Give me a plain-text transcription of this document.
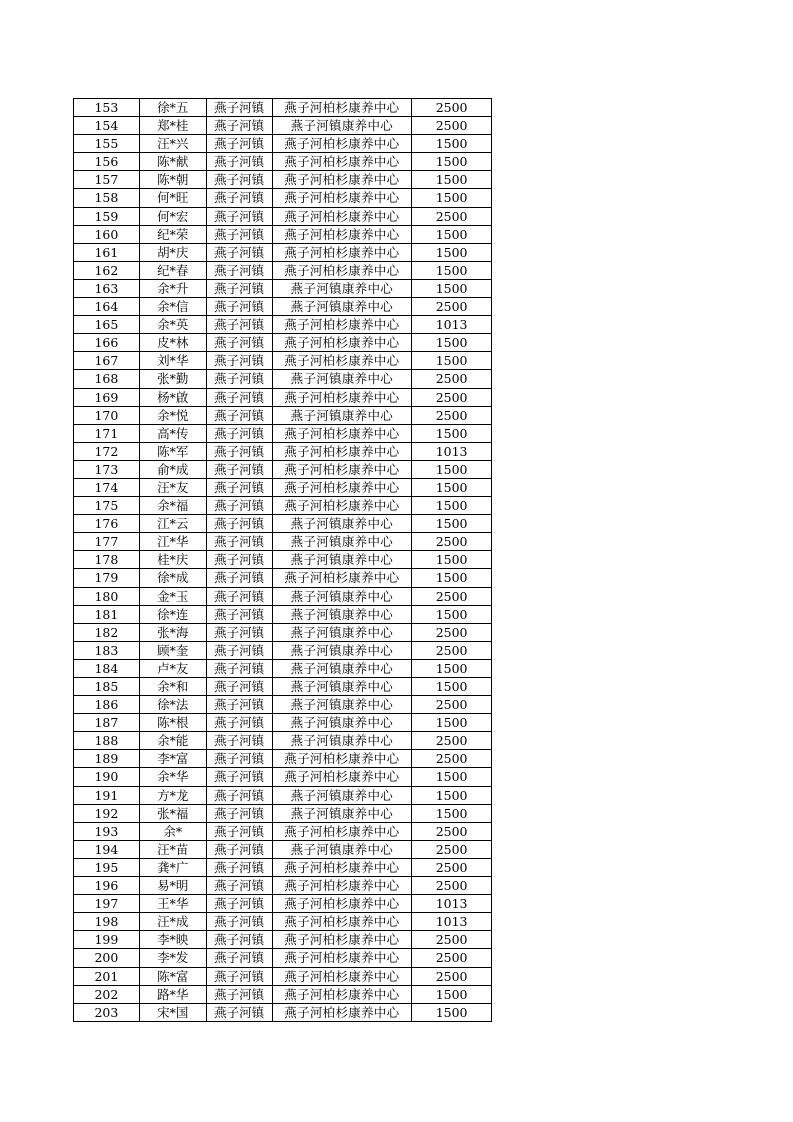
153	徐*五	燕子河镇	燕子河柏杉康养中心	2500
154	郑*桂	燕子河镇	燕子河镇康养中心	2500
155	汪*兴	燕子河镇	燕子河柏杉康养中心	1500
156	陈*献	燕子河镇	燕子河柏杉康养中心	1500
157	陈*朝	燕子河镇	燕子河柏杉康养中心	1500
158	何*旺	燕子河镇	燕子河柏杉康养中心	1500
159	何*宏	燕子河镇	燕子河柏杉康养中心	2500
160	纪*荣	燕子河镇	燕子河柏杉康养中心	1500
161	胡*庆	燕子河镇	燕子河柏杉康养中心	1500
162	纪*春	燕子河镇	燕子河柏杉康养中心	1500
163	余*升	燕子河镇	燕子河镇康养中心	1500
164	余*信	燕子河镇	燕子河镇康养中心	2500
165	余*英	燕子河镇	燕子河柏杉康养中心	1013
166	皮*林	燕子河镇	燕子河柏杉康养中心	1500
167	刘*华	燕子河镇	燕子河柏杉康养中心	1500
168	张*勤	燕子河镇	燕子河镇康养中心	2500
169	杨*啟	燕子河镇	燕子河柏杉康养中心	2500
170	余*悦	燕子河镇	燕子河镇康养中心	2500
171	高*传	燕子河镇	燕子河柏杉康养中心	1500
172	陈*军	燕子河镇	燕子河柏杉康养中心	1013
173	俞*成	燕子河镇	燕子河柏杉康养中心	1500
174	汪*友	燕子河镇	燕子河柏杉康养中心	1500
175	余*福	燕子河镇	燕子河柏杉康养中心	1500
176	江*云	燕子河镇	燕子河镇康养中心	1500
177	江*华	燕子河镇	燕子河镇康养中心	2500
178	桂*庆	燕子河镇	燕子河镇康养中心	1500
179	徐*成	燕子河镇	燕子河柏杉康养中心	1500
180	金*玉	燕子河镇	燕子河镇康养中心	2500
181	徐*连	燕子河镇	燕子河镇康养中心	1500
182	张*海	燕子河镇	燕子河镇康养中心	2500
183	顾*奎	燕子河镇	燕子河镇康养中心	2500
184	卢*友	燕子河镇	燕子河镇康养中心	1500
185	余*和	燕子河镇	燕子河镇康养中心	1500
186	徐*法	燕子河镇	燕子河镇康养中心	2500
187	陈*根	燕子河镇	燕子河镇康养中心	1500
188	余*能	燕子河镇	燕子河镇康养中心	2500
189	李*富	燕子河镇	燕子河柏杉康养中心	2500
190	余*华	燕子河镇	燕子河柏杉康养中心	1500
191	方*龙	燕子河镇	燕子河镇康养中心	1500
192	张*福	燕子河镇	燕子河镇康养中心	1500
193	余*	燕子河镇	燕子河柏杉康养中心	2500
194	汪*苗	燕子河镇	燕子河镇康养中心	2500
195	龚*广	燕子河镇	燕子河柏杉康养中心	2500
196	易*明	燕子河镇	燕子河柏杉康养中心	2500
197	王*华	燕子河镇	燕子河柏杉康养中心	1013
198	汪*成	燕子河镇	燕子河柏杉康养中心	1013
199	李*映	燕子河镇	燕子河柏杉康养中心	2500
200	李*发	燕子河镇	燕子河柏杉康养中心	2500
201	陈*富	燕子河镇	燕子河柏杉康养中心	2500
202	路*华	燕子河镇	燕子河柏杉康养中心	1500
203	宋*国	燕子河镇	燕子河柏杉康养中心	1500
